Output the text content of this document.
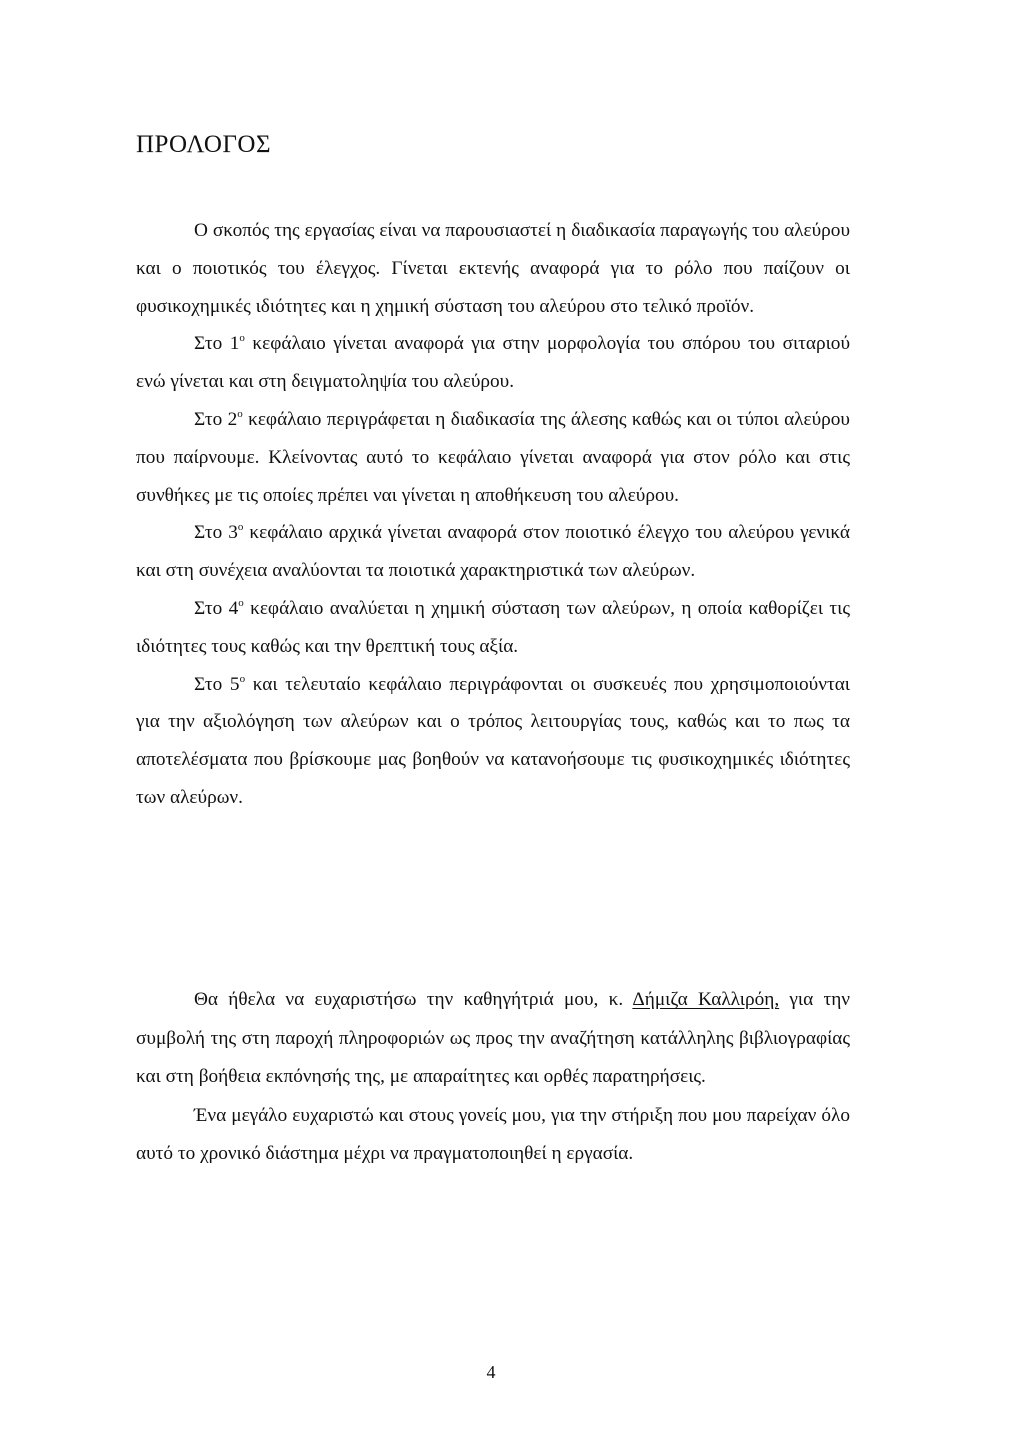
ΠΡΟΛΟΓΟΣ

Ο σκοπός της εργασίας είναι να παρουσιαστεί η διαδικασία παραγωγής του αλεύρου και ο ποιοτικός του έλεγχος. Γίνεται εκτενής αναφορά για το ρόλο που παίζουν οι φυσικοχημικές ιδιότητες και η χημική σύσταση του αλεύρου στο τελικό προϊόν.

Στο $1^o$ κεφάλαιο γίνεται αναφορά για στην μορφολογία του σπόρου του σιταριού ενώ γίνεται και στη δειγματοληψία του αλεύρου.

Στο $2^o$ κεφάλαιο περιγράφεται η διαδικασία της άλεσης καθώς και οι τύποι αλεύρου που παίρνουμε. Κλείνοντας αυτό το κεφάλαιο γίνεται αναφορά για στον ρόλο και στις συνθήκες με τις οποίες πρέπει ναι γίνεται η αποθήκευση του αλεύρου.

Στο $3^o$ κεφάλαιο αρχικά γίνεται αναφορά στον ποιοτικό έλεγχο του αλεύρου γενικά και στη συνέχεια αναλύονται τα ποιοτικά χαρακτηριστικά των αλεύρων.

Στο $4^o$ κεφάλαιο αναλύεται η χημική σύσταση των αλεύρων, η οποία καθορίζει τις ιδιότητες τους καθώς και την θρεπτική τους αξία.

Στο $5^o$ και τελευταίο κεφάλαιο περιγράφονται οι συσκευές που χρησιμοποιούνται για την αξιολόγηση των αλεύρων και ο τρόπος λειτουργίας τους, καθώς και το πως τα αποτελέσματα που βρίσκουμε μας βοηθούν να κατανοήσουμε τις φυσικοχημικές ιδιότητες των αλεύρων.

Θα ήθελα να ευχαριστήσω την καθηγήτριά μου, κ. Δήμιζα Καλλιρόη, για την συμβολή της στη παροχή πληροφοριών ως προς την αναζήτηση κατάλληλης βιβλιογραφίας και στη βοήθεια εκπόνησής της, με απαραίτητες και ορθές παρατηρήσεις.

Ένα μεγάλο ευχαριστώ και στους γονείς μου, για την στήριξη που μου παρείχαν όλο αυτό το χρονικό διάστημα μέχρι να πραγματοποιηθεί η εργασία.

4
